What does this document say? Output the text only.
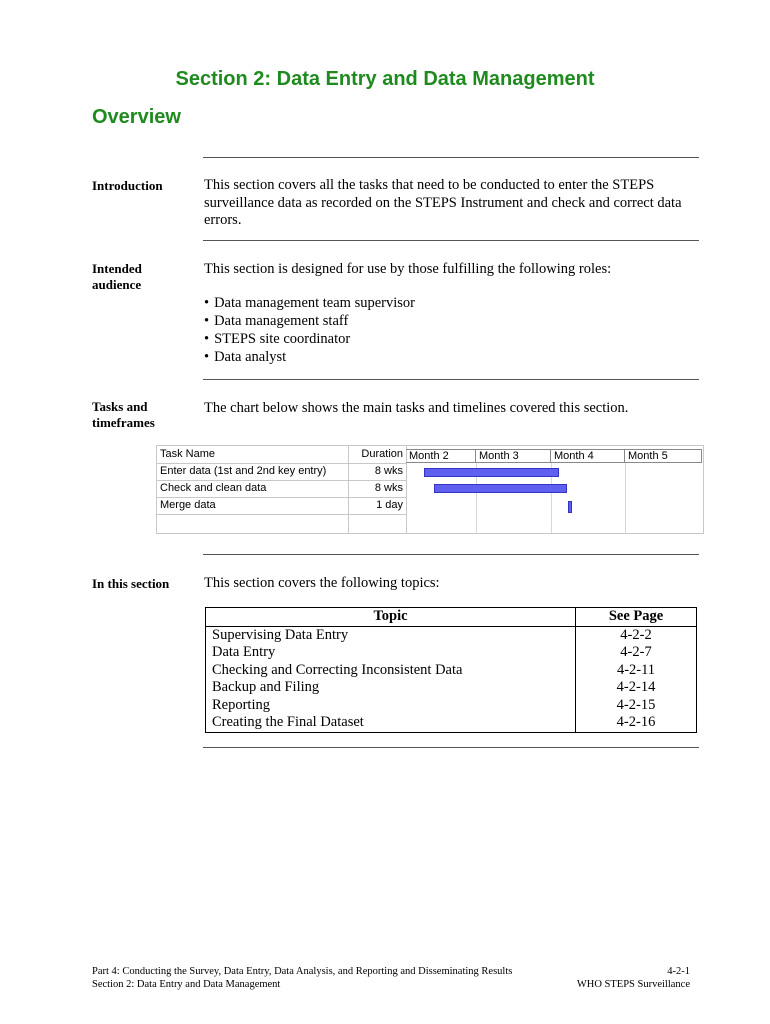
Section 2: Data Entry and Data Management
Overview
Introduction	This section covers all the tasks that need to be conducted to enter the STEPS surveillance data as recorded on the STEPS Instrument and check and correct data errors.
Intended
audience
This section is designed for use by those fulfilling the following roles:
• Data management team supervisor
• Data management staff
• STEPS site coordinator
• Data analyst
Tasks and
timeframes
The chart below shows the main tasks and timelines covered this section.
Task Name	Duration
Enter data (1st and 2nd key entry)	8 wks
Check and clean data	8 wks
Merge data	1 day
Month 2	Month 3	Month 4	Month 5
In this section	This section covers the following topics:
Topic	See Page
Supervising Data Entry	4-2-2
Data Entry	4-2-7
Checking and Correcting Inconsistent Data	4-2-11
Backup and Filing	4-2-14
Reporting	4-2-15
Creating the Final Dataset	4-2-16
Part 4: Conducting the Survey, Data Entry, Data Analysis, and Reporting and Disseminating Results	4-2-1
Section 2: Data Entry and Data Management	WHO STEPS Surveillance
